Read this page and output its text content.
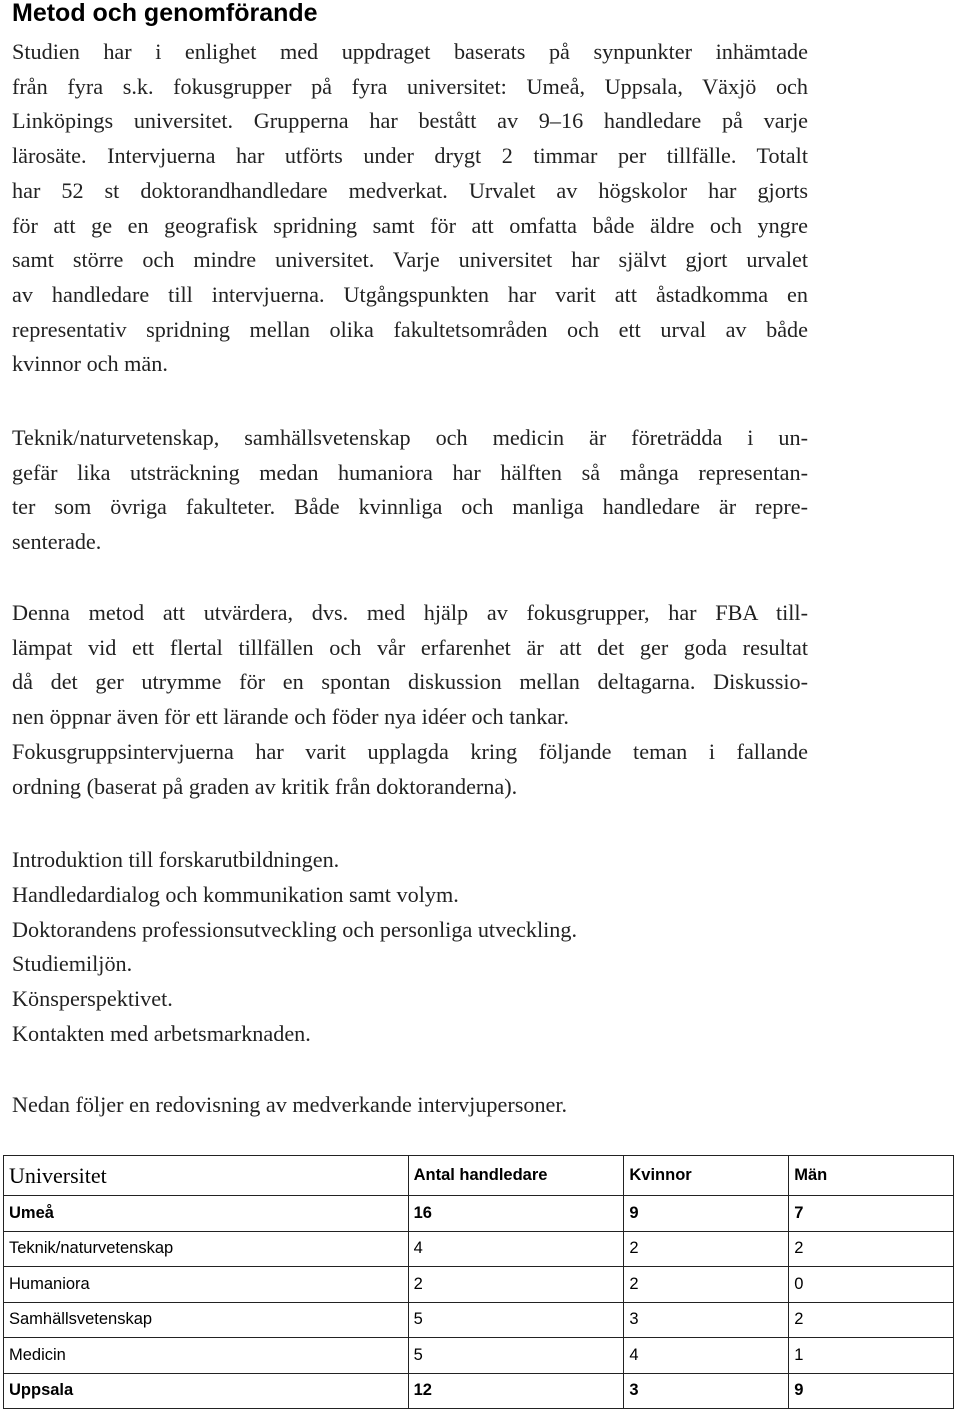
Metod och genomförande
Studien har i enlighet med uppdraget baserats på synpunkter inhämtade
från fyra s.k. fokusgrupper på fyra universitet: Umeå, Uppsala, Växjö och
Linköpings universitet. Grupperna har bestått av 9–16 handledare på varje
lärosäte. Intervjuerna har utförts under drygt 2 timmar per tillfälle. Totalt
har 52 st doktorandhandledare medverkat. Urvalet av högskolor har gjorts
för att ge en geografisk spridning samt för att omfatta både äldre och yngre
samt större och mindre universitet. Varje universitet har självt gjort urvalet
av handledare till intervjuerna. Utgångspunkten har varit att åstadkomma en
representativ spridning mellan olika fakultetsområden och ett urval av både
kvinnor och män.
Teknik/naturvetenskap, samhällsvetenskap och medicin är företrädda i un-
gefär lika utsträckning medan humaniora har hälften så många representan-
ter som övriga fakulteter. Både kvinnliga och manliga handledare är repre-
senterade.
Denna metod att utvärdera, dvs. med hjälp av fokusgrupper, har FBA till-
lämpat vid ett flertal tillfällen och vår erfarenhet är att det ger goda resultat
då det ger utrymme för en spontan diskussion mellan deltagarna. Diskussio-
nen öppnar även för ett lärande och föder nya idéer och tankar.
Fokusgruppsintervjuerna har varit upplagda kring följande teman i fallande
ordning (baserat på graden av kritik från doktoranderna).
Introduktion till forskarutbildningen.
Handledardialog och kommunikation samt volym.
Doktorandens professionsutveckling och personliga utveckling.
Studiemiljön.
Könsperspektivet.
Kontakten med arbetsmarknaden.
Nedan följer en redovisning av medverkande intervjupersoner.
Universitet	Antal handledare	Kvinnor	Män
Umeå	16	9	7
Teknik/naturvetenskap	4	2	2
Humaniora	2	2	0
Samhällsvetenskap	5	3	2
Medicin	5	4	1
Uppsala	12	3	9
